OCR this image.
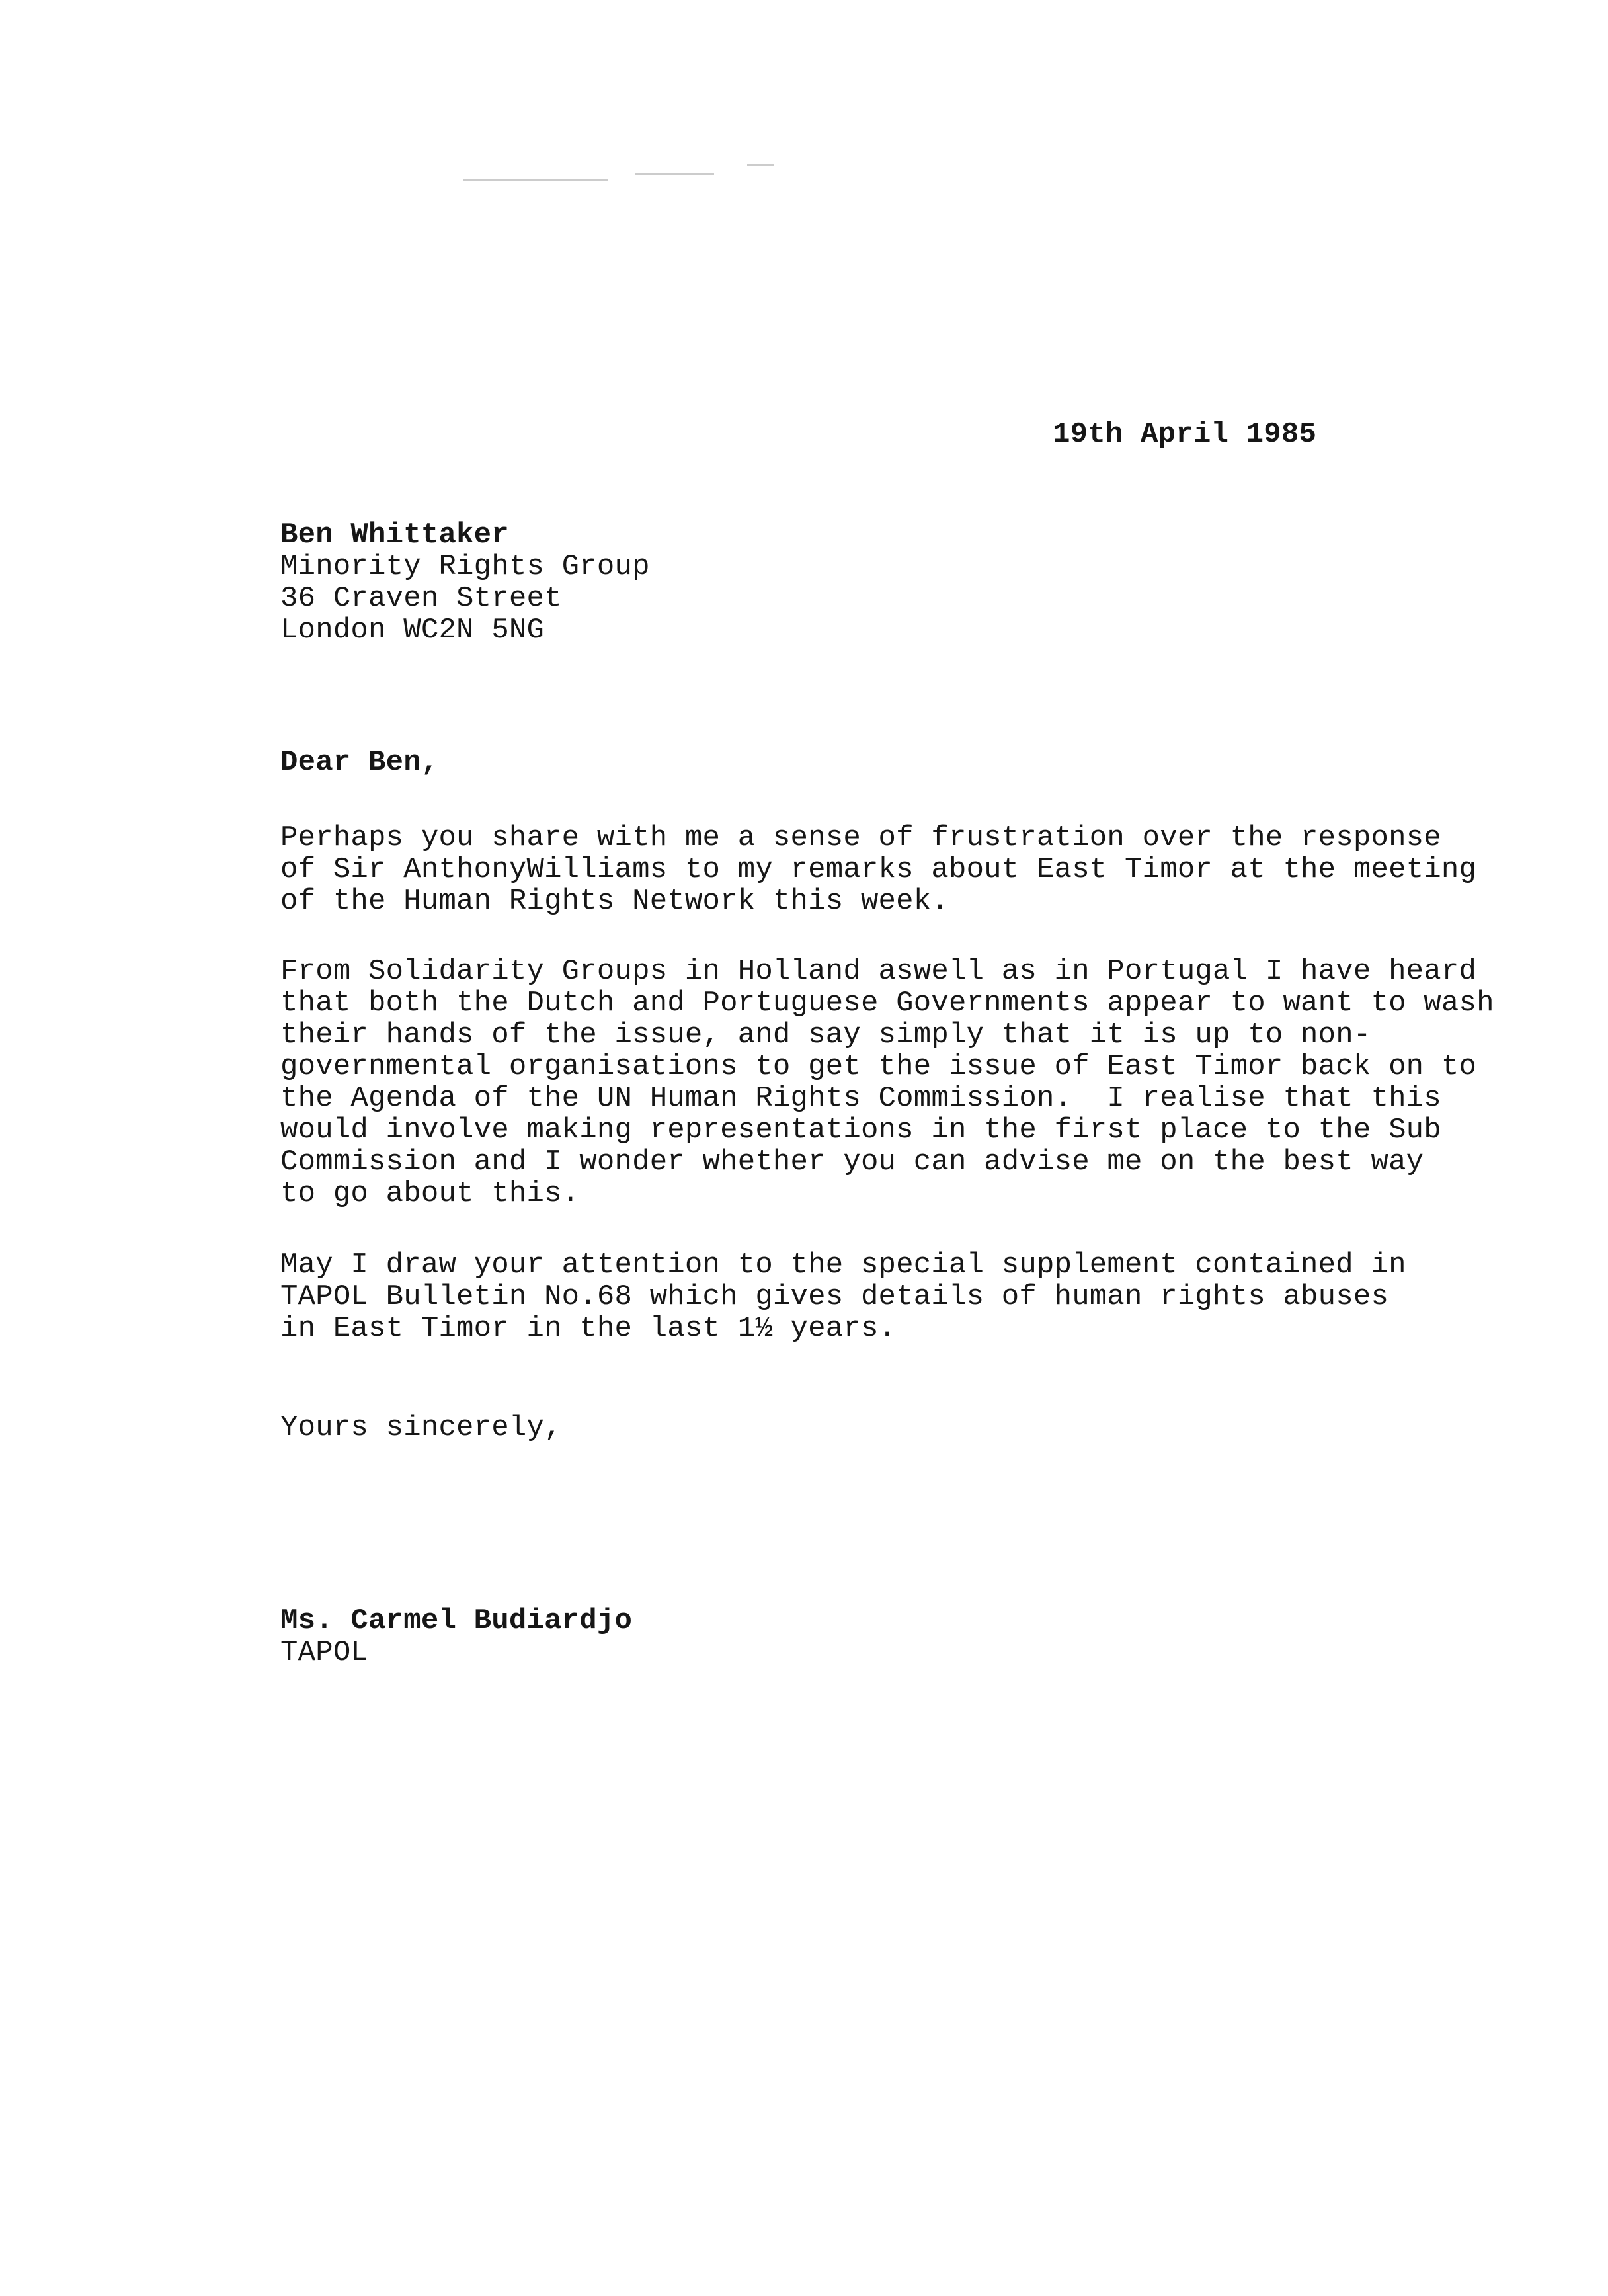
19th April 1985
Ben Whittaker
Minority Rights Group
36 Craven Street
London WC2N 5NG
Dear Ben,
Perhaps you share with me a sense of frustration over the response
of Sir AnthonyWilliams to my remarks about East Timor at the meeting
of the Human Rights Network this week.
From Solidarity Groups in Holland aswell as in Portugal I have heard
that both the Dutch and Portuguese Governments appear to want to wash
their hands of the issue, and say simply that it is up to non-
governmental organisations to get the issue of East Timor back on to
the Agenda of the UN Human Rights Commission.  I realise that this
would involve making representations in the first place to the Sub
Commission and I wonder whether you can advise me on the best way
to go about this.
May I draw your attention to the special supplement contained in
TAPOL Bulletin No.68 which gives details of human rights abuses
in East Timor in the last 1½ years.
Yours sincerely,
Ms. Carmel Budiardjo
TAPOL
